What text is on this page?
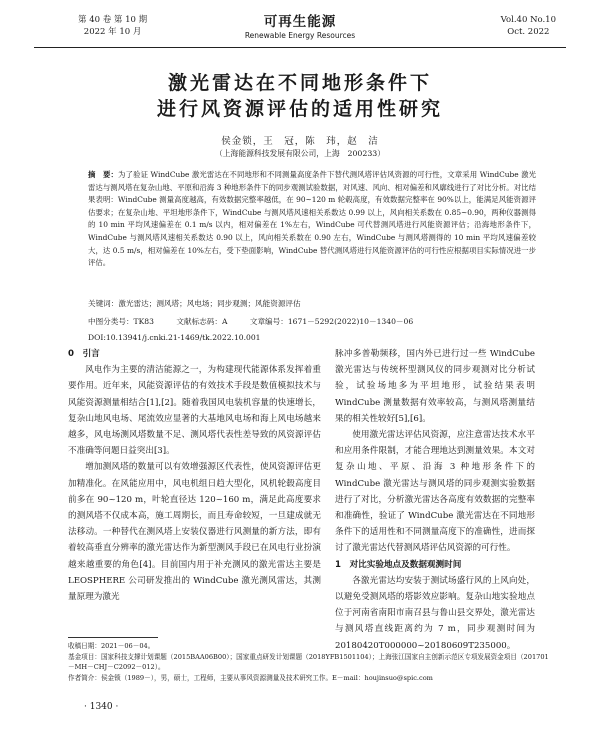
第 40 卷 第 10 期
2022 年 10 月
可再生能源
Renewable Energy Resources
Vol.40 No.10
Oct. 2022
激光雷达在不同地形条件下
进行风资源评估的适用性研究
侯金锁，王　冠，陈　玮，赵　洁
（上海能源科技发展有限公司，上海　200233）
摘　要：为了验证 WindCube 激光雷达在不同地形和不同测量高度条件下替代测风塔评估风资源的可行性，文章采用 WindCube 激光雷达与测风塔在复杂山地、平原和沿海 3 种地形条件下的同步观测试验数据，对风速、风向、相对偏差和风廓线进行了对比分析。对比结果表明：WindCube 测量高度越高，有效数据完整率越低，在 90~120 m 轮毂高度，有效数据完整率在 90%以上，能满足风能资源评估要求；在复杂山地、平坦地形条件下，WindCube 与测风塔风速相关系数达 0.99 以上，风向相关系数在 0.85~0.90，两种仪器测得的 10 min 平均风速偏差在 0.1 m/s 以内，相对偏差在 1%左右，WindCube 可代替测风塔进行风能资源评估；沿海地形条件下，WindCube 与测风塔风速相关系数达 0.90 以上，风向相关系数在 0.90 左右，WindCube 与测风塔测得的 10 min 平均风速偏差较大，达 0.5 m/s，相对偏差在 10%左右，受下垫面影响，WindCube 替代测风塔进行风能资源评估的可行性应根据项目实际情况进一步评估。
关键词：激光雷达；测风塔；风电场；同步观测；风能资源评估
中图分类号：TK83	文献标志码：A	文章编号：1671－5292(2022)10－1340－06
DOI:10.13941/j.cnki.21-1469/tk.2022.10.001
0　引言
风电作为主要的清洁能源之一，为构建现代能源体系发挥着重要作用。近年来，风能资源评估的有效技术手段是数值模拟技术与风能资源测量相结合[1],[2]。随着我国风电装机容量的快速增长，复杂山地风电场、尾流效应显著的大基地风电场和海上风电场越来越多，风电场测风塔数量不足、测风塔代表性差导致的风资源评估不准确等问题日益突出[3]。
增加测风塔的数量可以有效增强源区代表性，使风资源评估更加精准化。在风能应用中，风电机组日趋大型化，风机轮毂高度目前多在 90~120 m，叶轮直径达 120~160 m，满足此高度要求的测风塔不仅成本高，施工周期长，而且寿命较短，一旦建成就无法移动。一种替代在测风塔上安装仪器进行风测量的新方法，即有着较高垂直分辨率的激光雷达作为新型测风手段已在风电行业扮演越来越重要的角色[4]。目前国内用于补充测风的激光雷达主要是 LEOSPHERE 公司研发推出的 WindCube 激光测风雷达，其测量原理为激光
脉冲多普勒频移，国内外已进行过一些 WindCube 激光雷达与传统杯型测风仪的同步观测对比分析试验，试验场地多为平坦地形，试验结果表明 WindCube 测量数据有效率较高，与测风塔测量结果的相关性较好[5],[6]。
使用激光雷达评估风资源，应注意雷达技术水平和应用条件限制，才能合理地达到测量效果。本文对复杂山地、平原、沿海 3 种地形条件下的 WindCube 激光雷达与测风塔的同步观测实验数据进行了对比，分析激光雷达各高度有效数据的完整率和准确性，验证了 WindCube 激光雷达在不同地形条件下的适用性和不同测量高度下的准确性，进而探讨了激光雷达代替测风塔评估风资源的可行性。
1　对比实验地点及数据观测时间
各激光雷达均安装于测试场盛行风的上风向处，以避免受测风塔的塔影效应影响。复杂山地实验地点位于河南省南阳市南召县与鲁山县交界处，激光雷达与测风塔直线距离约为 7 m，同步观测时间为 20180420T000000~20180609T235000。
收稿日期：2021－06－04。
基金项目：国家科技支撑计划课题（2015BAA06B00）；国家重点研发计划课题（2018YFB1501104）；上海张江国家自主创新示范区专项发展资金项目（201701－MH－CHJ－C2092－012）。
作者简介：侯金锁（1989－），男，硕士，工程师，主要从事风资源测量及技术研究工作。E－mail：houjinsuo@spic.com
· 1340 ·
